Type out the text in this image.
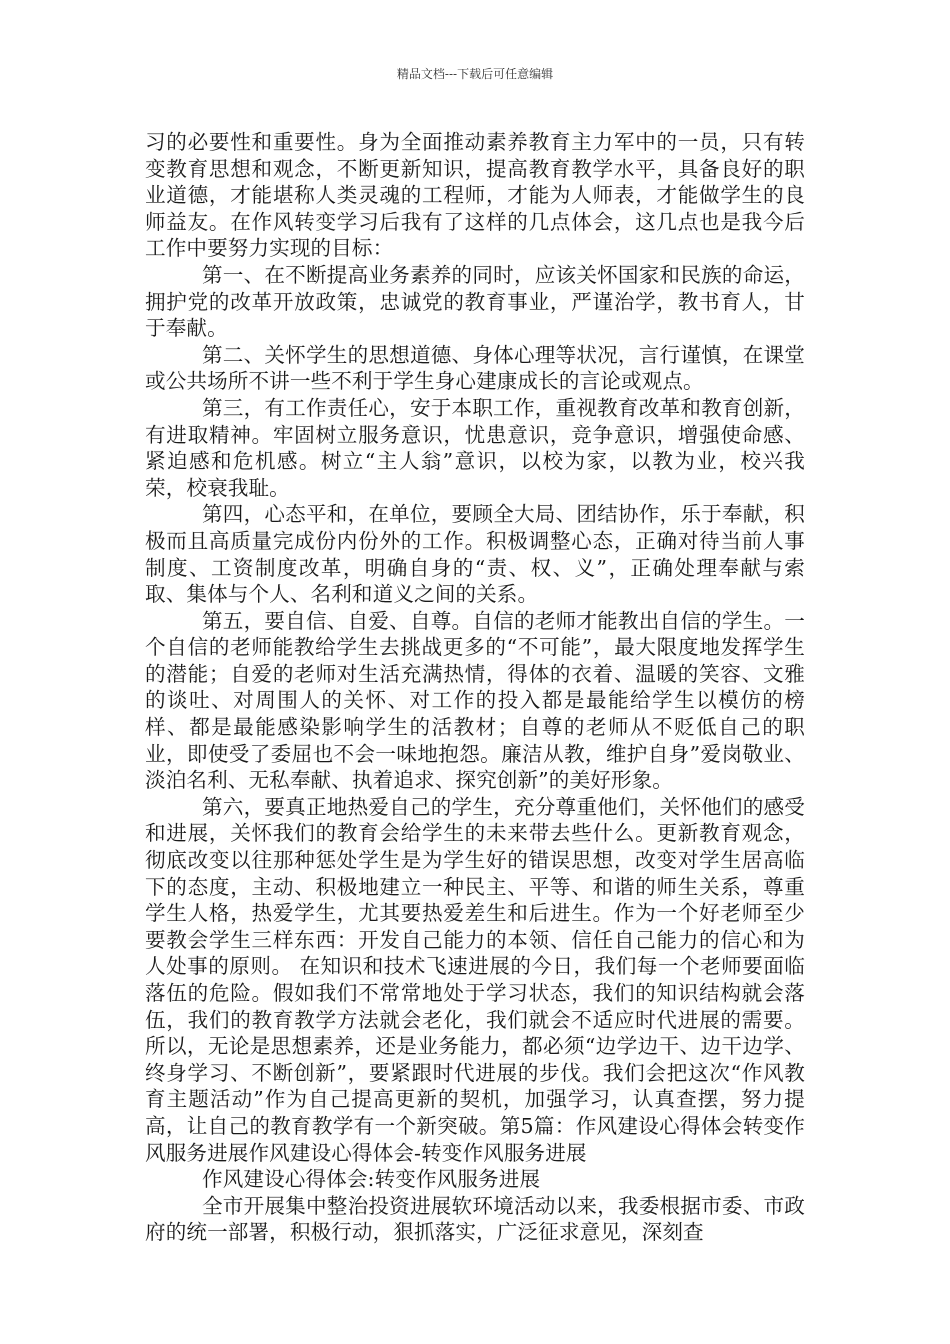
精品文档---下载后可任意编辑

习的必要性和重要性。身为全面推动素养教育主力军中的一员，只有转变教育思想和观念，不断更新知识，提高教育教学水平，具备良好的职业道德，才能堪称人类灵魂的工程师，才能为人师表，才能做学生的良师益友。在作风转变学习后我有了这样的几点体会，这几点也是我今后工作中要努力实现的目标：

第一、在不断提高业务素养的同时，应该关怀国家和民族的命运，拥护党的改革开放政策，忠诚党的教育事业，严谨治学，教书育人，甘于奉献。

第二、关怀学生的思想道德、身体心理等状况，言行谨慎，在课堂或公共场所不讲一些不利于学生身心建康成长的言论或观点。

第三，有工作责任心，安于本职工作，重视教育改革和教育创新，有进取精神。牢固树立服务意识，忧患意识，竞争意识，增强使命感、紧迫感和危机感。树立“主人翁”意识，以校为家，以教为业，校兴我荣，校衰我耻。

第四，心态平和，在单位，要顾全大局、团结协作，乐于奉献，积极而且高质量完成份内份外的工作。积极调整心态，正确对待当前人事制度、工资制度改革，明确自身的“责、权、义”，正确处理奉献与索取、集体与个人、名利和道义之间的关系。

第五，要自信、自爱、自尊。自信的老师才能教出自信的学生。一个自信的老师能教给学生去挑战更多的“不可能”，最大限度地发挥学生的潜能；自爱的老师对生活充满热情，得体的衣着、温暖的笑容、文雅的谈吐、对周围人的关怀、对工作的投入都是最能给学生以模仿的榜样、都是最能感染影响学生的活教材；自尊的老师从不贬低自己的职业，即使受了委屈也不会一味地抱怨。廉洁从教，维护自身”爱岗敬业、淡泊名利、无私奉献、执着追求、探究创新”的美好形象。

第六，要真正地热爱自己的学生，充分尊重他们，关怀他们的感受和进展，关怀我们的教育会给学生的未来带去些什么。更新教育观念，彻底改变以往那种惩处学生是为学生好的错误思想，改变对学生居高临下的态度，主动、积极地建立一种民主、平等、和谐的师生关系，尊重学生人格，热爱学生，尤其要热爱差生和后进生。作为一个好老师至少要教会学生三样东西：开发自己能力的本领、信任自己能力的信心和为人处事的原则。 在知识和技术飞速进展的今日，我们每一个老师要面临落伍的危险。假如我们不常常地处于学习状态，我们的知识结构就会落伍，我们的教育教学方法就会老化，我们就会不适应时代进展的需要。所以，无论是思想素养，还是业务能力，都必须“边学边干、边干边学、终身学习、不断创新”，要紧跟时代进展的步伐。我们会把这次“作风教育主题活动”作为自己提高更新的契机，加强学习，认真查摆，努力提高，让自己的教育教学有一个新突破。第5篇：作风建设心得体会转变作风服务进展作风建设心得体会-转变作风服务进展

作风建设心得体会:转变作风服务进展

全市开展集中整治投资进展软环境活动以来，我委根据市委、市政府的统一部署，积极行动，狠抓落实，广泛征求意见，深刻查
